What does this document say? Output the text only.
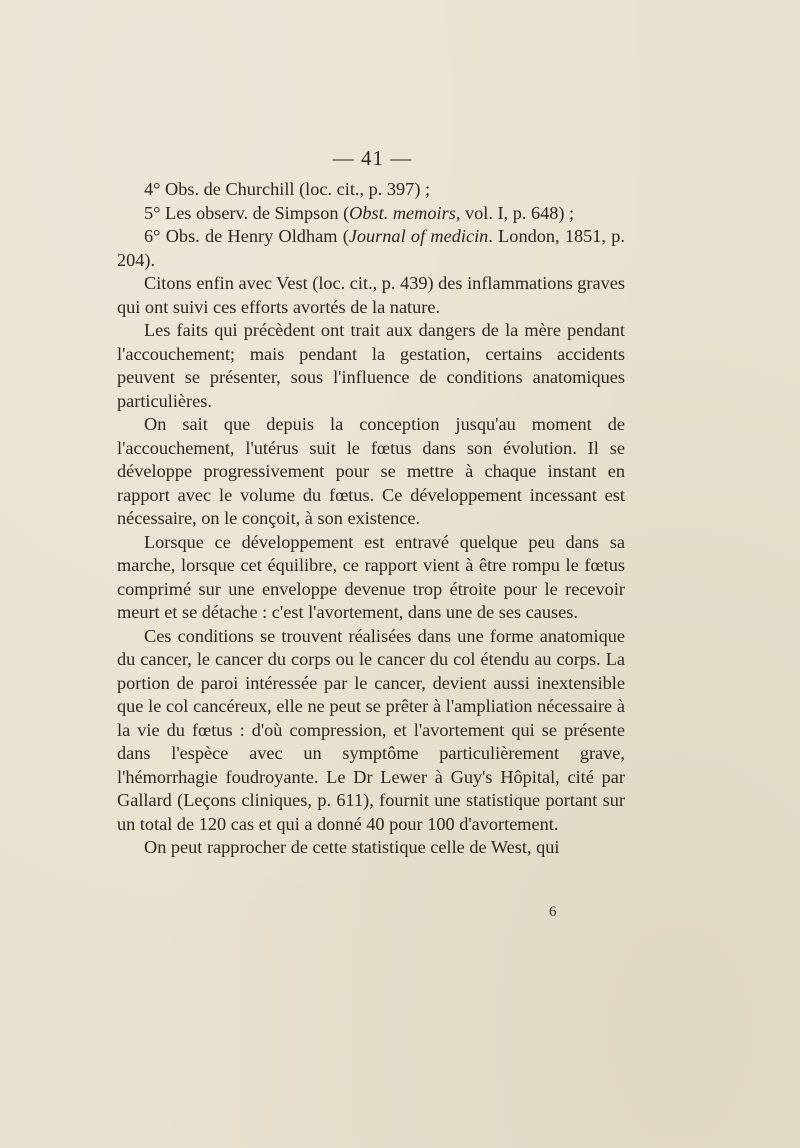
— 41 —

4° Obs. de Churchill (loc. cit., p. 397) ;

5° Les observ. de Simpson (Obst. memoirs, vol. I, p. 648) ;

6° Obs. de Henry Oldham (Journal of medicin. London, 1851, p. 204).

Citons enfin avec Vest (loc. cit., p. 439) des inflammations graves qui ont suivi ces efforts avortés de la nature.

Les faits qui précèdent ont trait aux dangers de la mère pendant l'accouchement; mais pendant la gestation, certains accidents peuvent se présenter, sous l'influence de conditions anatomiques particulières.

On sait que depuis la conception jusqu'au moment de l'accouchement, l'utérus suit le fœtus dans son évolution. Il se développe progressivement pour se mettre à chaque instant en rapport avec le volume du fœtus. Ce développement incessant est nécessaire, on le conçoit, à son existence.

Lorsque ce développement est entravé quelque peu dans sa marche, lorsque cet équilibre, ce rapport vient à être rompu le fœtus comprimé sur une enveloppe devenue trop étroite pour le recevoir meurt et se détache : c'est l'avortement, dans une de ses causes.

Ces conditions se trouvent réalisées dans une forme anatomique du cancer, le cancer du corps ou le cancer du col étendu au corps. La portion de paroi intéressée par le cancer, devient aussi inextensible que le col cancéreux, elle ne peut se prêter à l'ampliation nécessaire à la vie du fœtus : d'où compression, et l'avortement qui se présente dans l'espèce avec un symptôme particulièrement grave, l'hémorrhagie foudroyante. Le Dr Lewer à Guy's Hôpital, cité par Gallard (Leçons cliniques, p. 611), fournit une statistique portant sur un total de 120 cas et qui a donné 40 pour 100 d'avortement.

On peut rapprocher de cette statistique celle de West, qui

6
